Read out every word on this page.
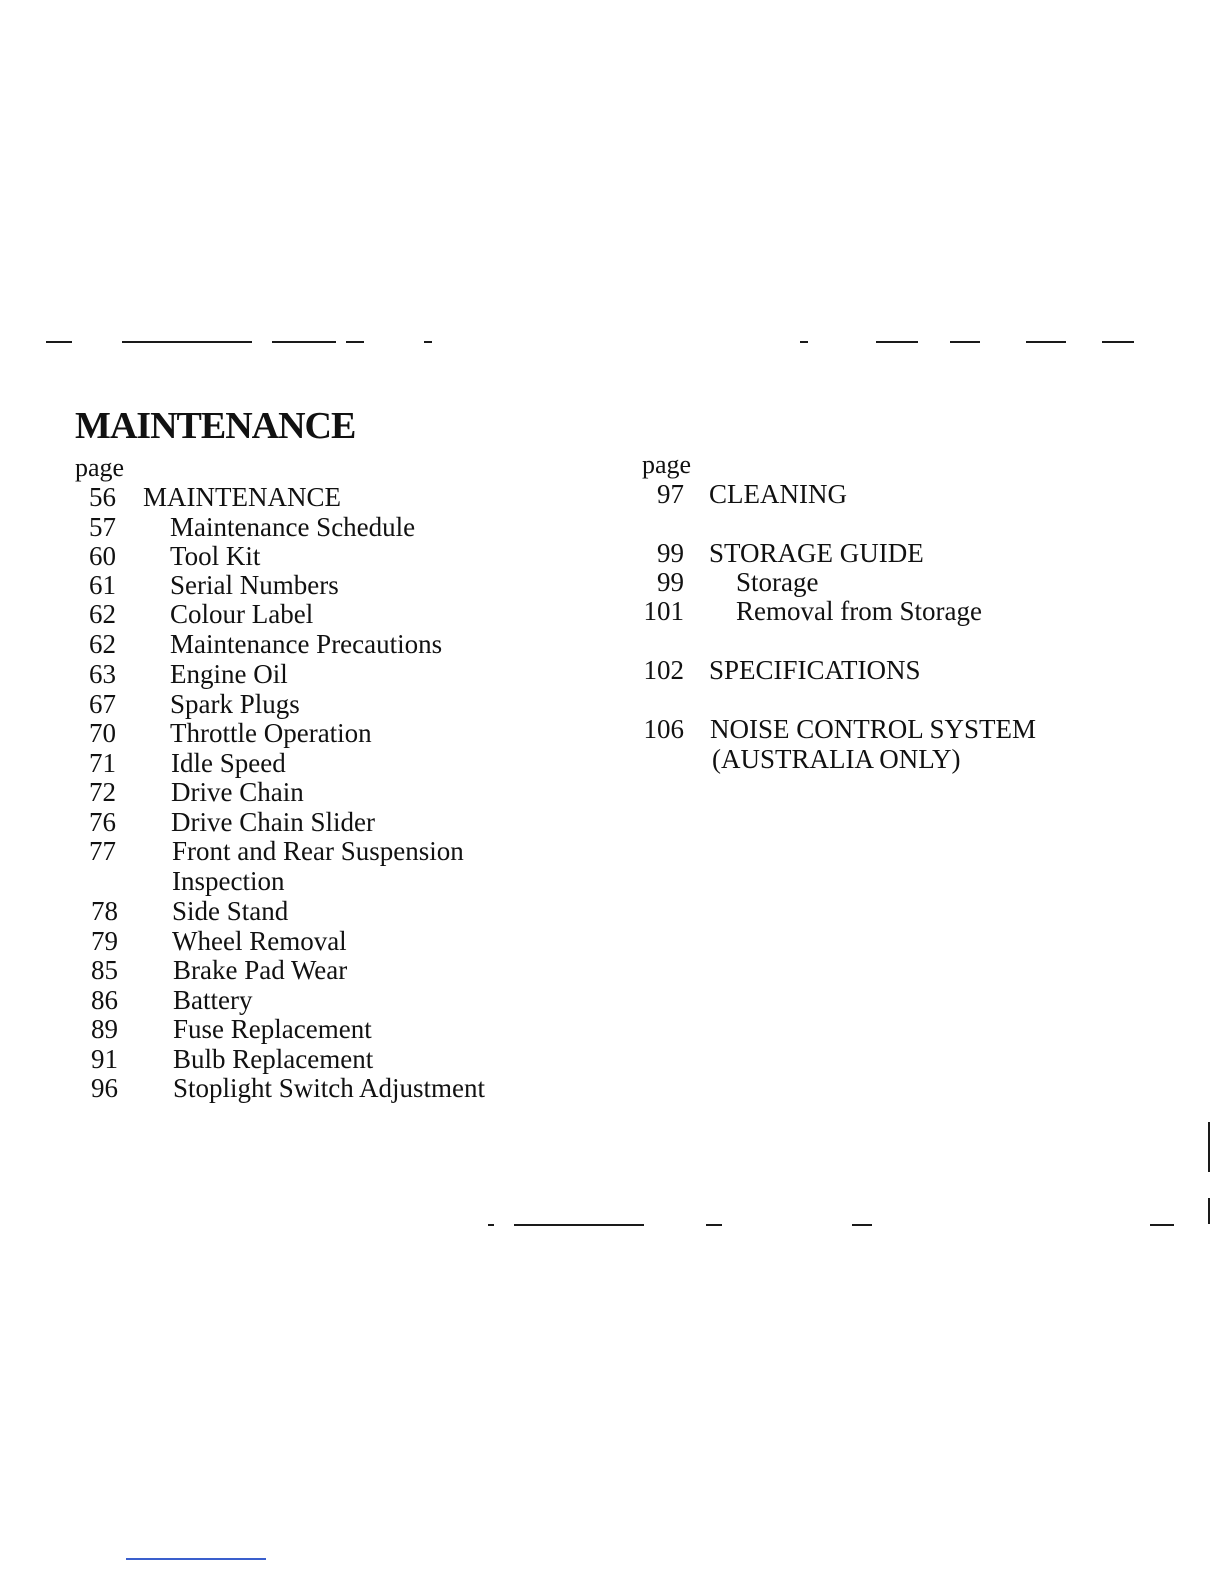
MAINTENANCE
page
56 MAINTENANCE
57 Maintenance Schedule
60 Tool Kit
61 Serial Numbers
62 Colour Label
62 Maintenance Precautions
63 Engine Oil
67 Spark Plugs
70 Throttle Operation
71 Idle Speed
72 Drive Chain
76 Drive Chain Slider
77 Front and Rear Suspension
Inspection
78 Side Stand
79 Wheel Removal
85 Brake Pad Wear
86 Battery
89 Fuse Replacement
91 Bulb Replacement
96 Stoplight Switch Adjustment
page
97 CLEANING
99 STORAGE GUIDE
99 Storage
101 Removal from Storage
102 SPECIFICATIONS
106 NOISE CONTROL SYSTEM
(AUSTRALIA ONLY)
